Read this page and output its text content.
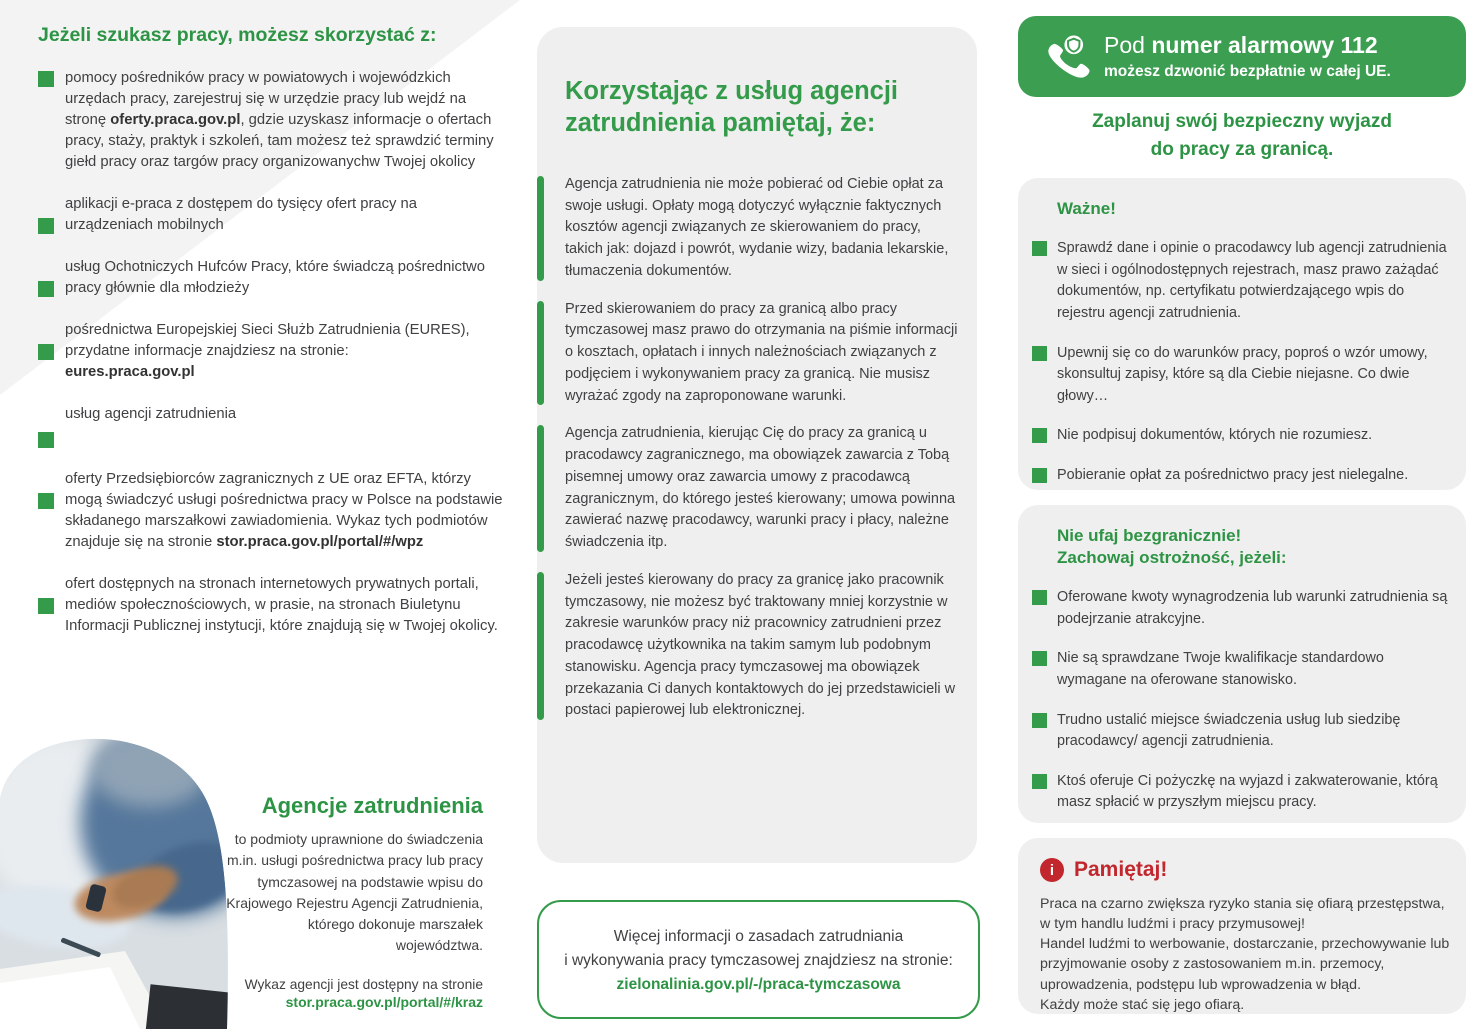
Jeżeli szukasz pracy, możesz skorzystać z:
pomocy pośredników pracy w powiatowych i wojewódzkich urzędach pracy, zarejestruj się w urzędzie pracy lub wejdź na stronę oferty.praca.gov.pl, gdzie uzyskasz informacje o ofertach pracy, staży, praktyk i szkoleń, tam możesz też sprawdzić terminy giełd pracy oraz targów pracy organizowanychw Twojej okolicy
aplikacji e-praca z dostępem do tysięcy ofert pracy na urządzeniach mobilnych
usług Ochotniczych Hufców Pracy, które świadczą pośrednictwo pracy głównie dla młodzieży
pośrednictwa Europejskiej Sieci Służb Zatrudnienia (EURES), przydatne informacje znajdziesz na stronie:
eures.praca.gov.pl
usług agencji zatrudnienia
oferty Przedsiębiorców zagranicznych z UE oraz EFTA, którzy mogą świadczyć usługi pośrednictwa pracy w Polsce na podstawie składanego marszałkowi zawiadomienia. Wykaz tych podmiotów znajduje się na stronie stor.praca.gov.pl/portal/#/wpz
ofert dostępnych na stronach internetowych prywatnych portali, mediów społecznościowych, w prasie, na stronach Biuletynu Informacji Publicznej instytucji, które znajdują się w Twojej okolicy.
Agencje zatrudnienia
to podmioty uprawnione do świadczenia m.in. usługi pośrednictwa pracy lub pracy tymczasowej na podstawie wpisu do Krajowego Rejestru Agencji Zatrudnienia, którego dokonuje marszałek województwa.
Wykaz agencji jest dostępny na stronie
stor.praca.gov.pl/portal/#/kraz
Korzystając z usług agencji zatrudnienia pamiętaj, że:
Agencja zatrudnienia nie może pobierać od Ciebie opłat za swoje usługi. Opłaty mogą dotyczyć wyłącznie faktycznych kosztów agencji związanych ze skierowaniem do pracy, takich jak: dojazd i powrót, wydanie wizy, badania lekarskie, tłumaczenia dokumentów.
Przed skierowaniem do pracy za granicą albo pracy tymczasowej masz prawo do otrzymania na piśmie informacji o kosztach, opłatach i innych należnościach związanych z podjęciem i wykonywaniem pracy za granicą. Nie musisz wyrażać zgody na zaproponowane warunki.
Agencja zatrudnienia, kierując Cię do pracy za granicą u pracodawcy zagranicznego, ma obowiązek zawarcia z Tobą pisemnej umowy oraz zawarcia umowy z pracodawcą zagranicznym, do którego jesteś kierowany; umowa powinna zawierać nazwę pracodawcy, warunki pracy i płacy, należne świadczenia itp.
Jeżeli jesteś kierowany do pracy za granicę jako pracownik tymczasowy, nie możesz być traktowany mniej korzystnie w zakresie warunków pracy niż pracownicy zatrudnieni przez pracodawcę użytkownika na takim samym lub podobnym stanowisku. Agencja pracy tymczasowej ma obowiązek przekazania Ci danych kontaktowych do jej przedstawicieli w postaci papierowej lub elektronicznej.
Więcej informacji o zasadach zatrudniania
i wykonywania pracy tymczasowej znajdziesz na stronie:
zielonalinia.gov.pl/-/praca-tymczasowa
Pod numer alarmowy 112
możesz dzwonić bezpłatnie w całej UE.
Zaplanuj swój bezpieczny wyjazd
do pracy za granicą.
Ważne!
Sprawdź dane i opinie o pracodawcy lub agencji zatrudnienia w sieci i ogólnodostępnych rejestrach, masz prawo zażądać dokumentów, np. certyfikatu potwierdzającego wpis do rejestru agencji zatrudnienia.
Upewnij się co do warunków pracy, poproś o wzór umowy, skonsultuj zapisy, które są dla Ciebie niejasne. Co dwie głowy…
Nie podpisuj dokumentów, których nie rozumiesz.
Pobieranie opłat za pośrednictwo pracy jest nielegalne.
Nie ufaj bezgranicznie!
Zachowaj ostrożność, jeżeli:
Oferowane kwoty wynagrodzenia lub warunki zatrudnienia są podejrzanie atrakcyjne.
Nie są sprawdzane Twoje kwalifikacje standardowo wymagane na oferowane stanowisko.
Trudno ustalić miejsce świadczenia usług lub siedzibę pracodawcy/ agencji zatrudnienia.
Ktoś oferuje Ci pożyczkę na wyjazd i zakwaterowanie, którą masz spłacić w przyszłym miejscu pracy.
i Pamiętaj!
Praca na czarno zwiększa ryzyko stania się ofiarą przestępstwa, w tym handlu ludźmi i pracy przymusowej!
Handel ludźmi to werbowanie, dostarczanie, przechowywanie lub przyjmowanie osoby z zastosowaniem m.in. przemocy, uprowadzenia, podstępu lub wprowadzenia w błąd.
Każdy może stać się jego ofiarą.
